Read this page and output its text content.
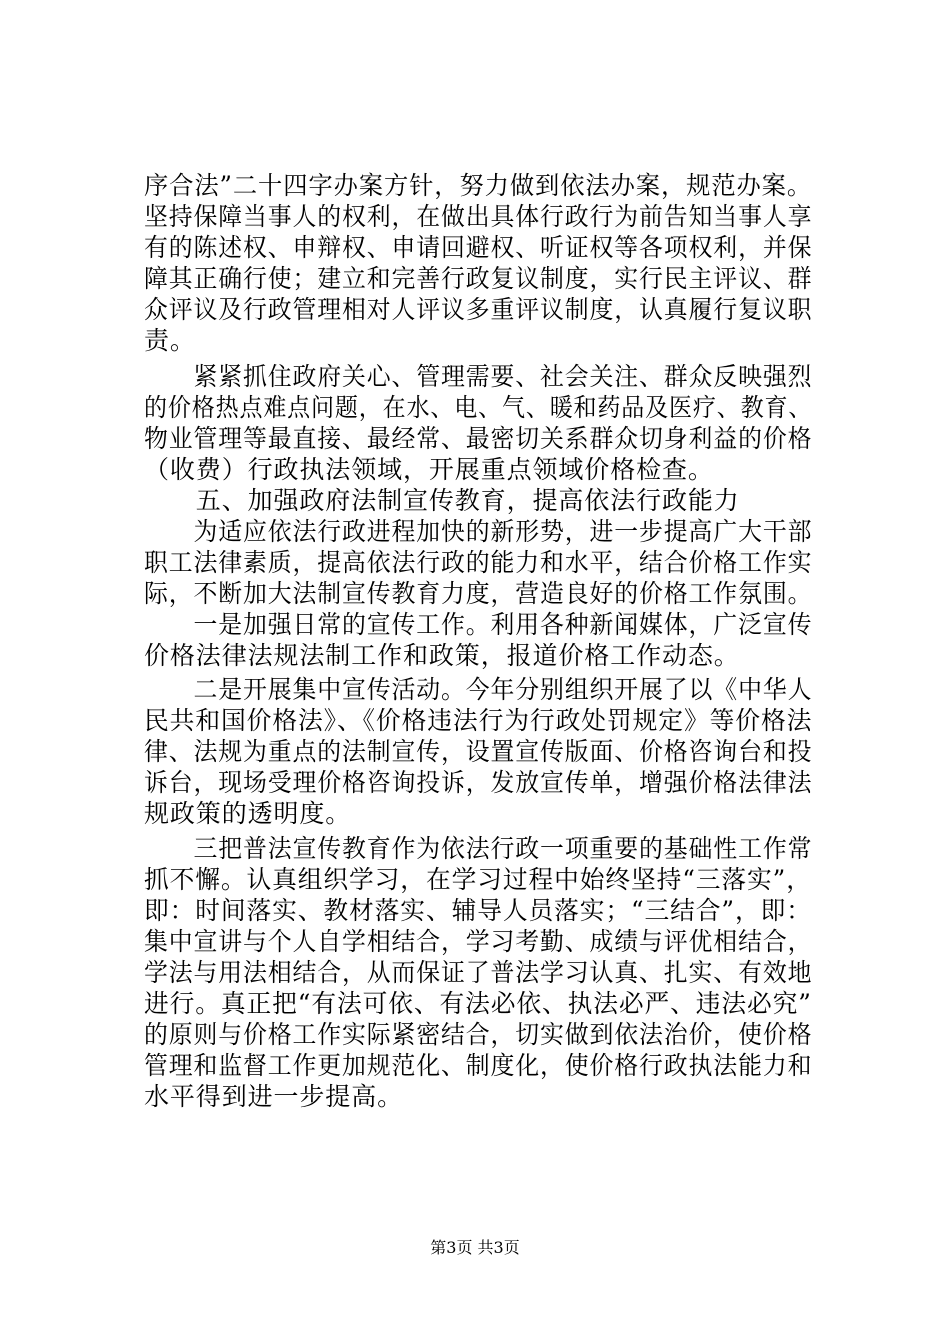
序合法”二十四字办案方针，努力做到依法办案，规范办案。
坚持保障当事人的权利，在做出具体行政行为前告知当事人享
有的陈述权、申辩权、申请回避权、听证权等各项权利，并保
障其正确行使；建立和完善行政复议制度，实行民主评议、群
众评议及行政管理相对人评议多重评议制度，认真履行复议职
责。
　　紧紧抓住政府关心、管理需要、社会关注、群众反映强烈
的价格热点难点问题，在水、电、气、暖和药品及医疗、教育、
物业管理等最直接、最经常、最密切关系群众切身利益的价格
（收费）行政执法领域，开展重点领域价格检查。
　　五、加强政府法制宣传教育，提高依法行政能力
　　为适应依法行政进程加快的新形势，进一步提高广大干部
职工法律素质，提高依法行政的能力和水平，结合价格工作实
际，不断加大法制宣传教育力度，营造良好的价格工作氛围。
　　一是加强日常的宣传工作。利用各种新闻媒体，广泛宣传
价格法律法规法制工作和政策，报道价格工作动态。
　　二是开展集中宣传活动。今年分别组织开展了以《中华人
民共和国价格法》、《价格违法行为行政处罚规定》等价格法
律、法规为重点的法制宣传，设置宣传版面、价格咨询台和投
诉台，现场受理价格咨询投诉，发放宣传单，增强价格法律法
规政策的透明度。
　　三把普法宣传教育作为依法行政一项重要的基础性工作常
抓不懈。认真组织学习，在学习过程中始终坚持“三落实”，
即：时间落实、教材落实、辅导人员落实；“三结合”，即：
集中宣讲与个人自学相结合，学习考勤、成绩与评优相结合，
学法与用法相结合，从而保证了普法学习认真、扎实、有效地
进行。真正把“有法可依、有法必依、执法必严、违法必究”
的原则与价格工作实际紧密结合，切实做到依法治价，使价格
管理和监督工作更加规范化、制度化，使价格行政执法能力和
水平得到进一步提高。
第3页 共3页
